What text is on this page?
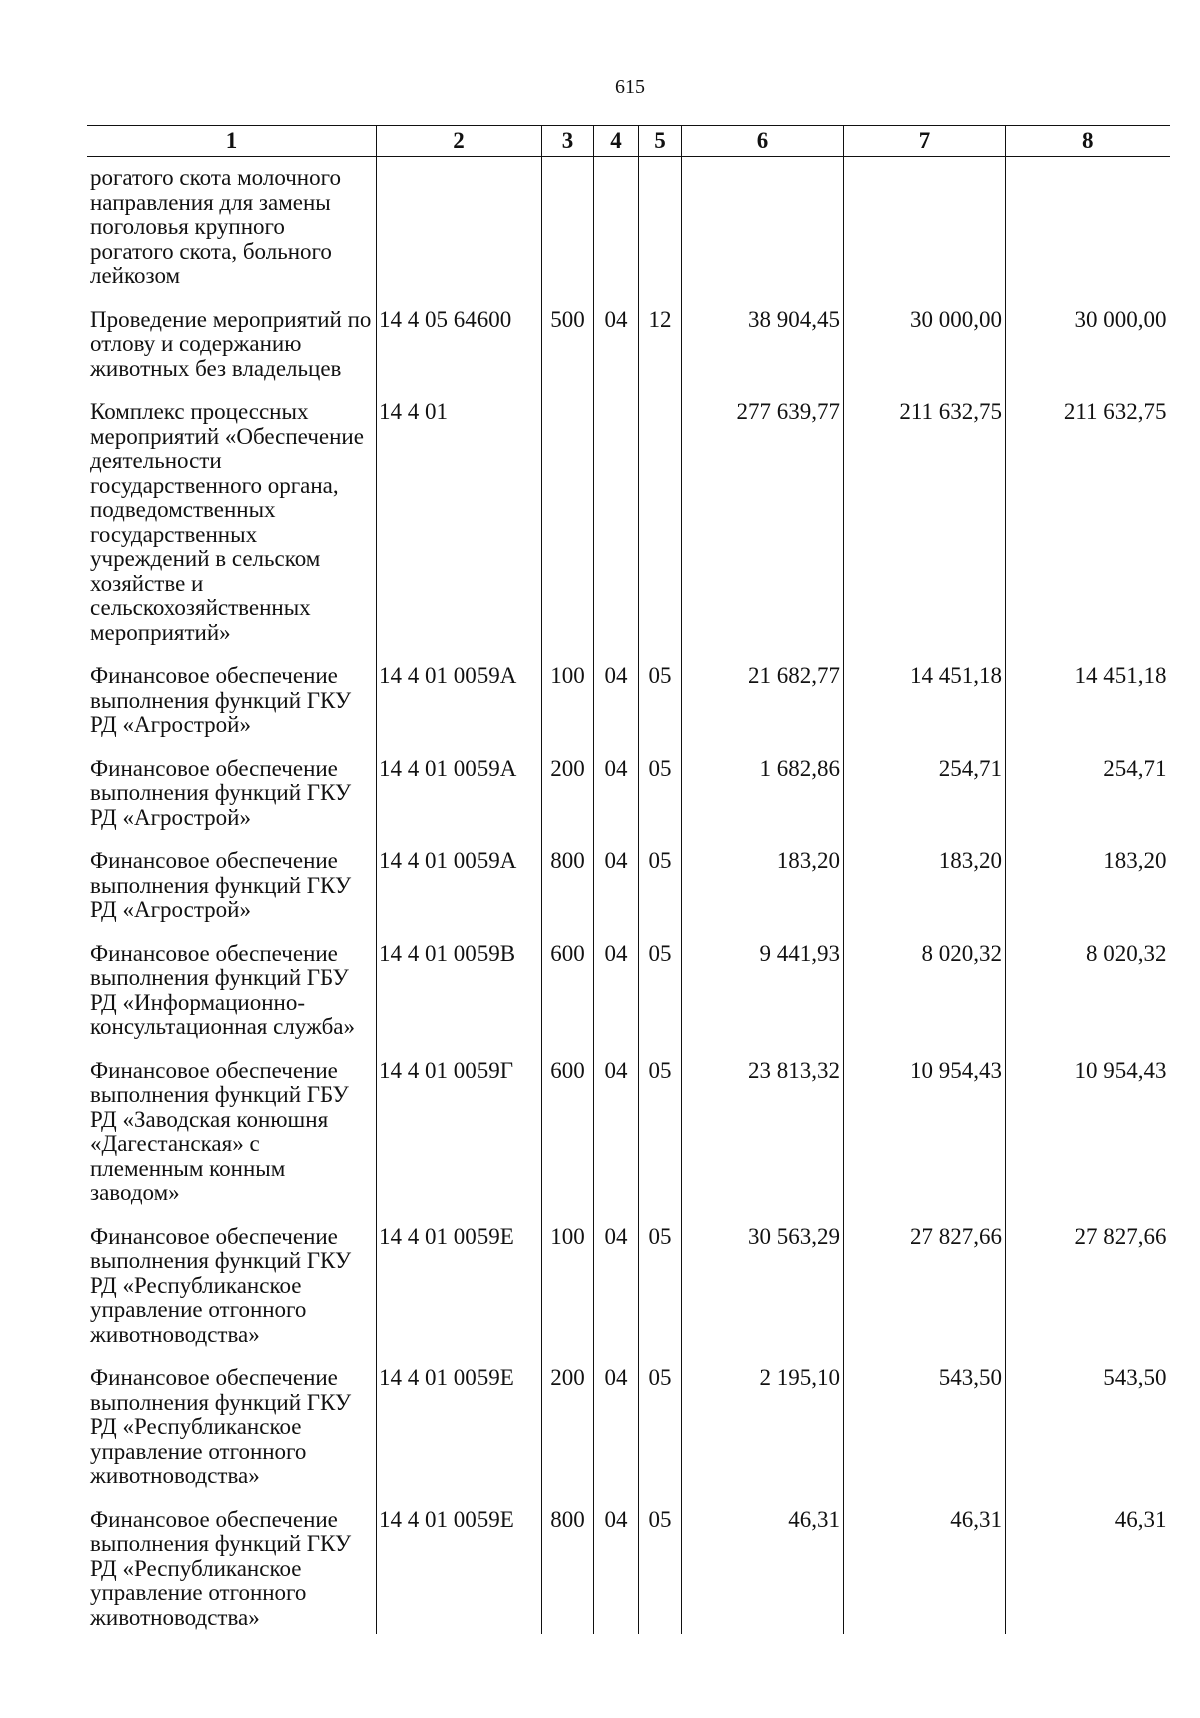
615
1	2	3	4	5	6	7	8
рогатого скота молочного направления для замены поголовья крупного рогатого скота, больного лейкозом							
Проведение мероприятий по отлову и содержанию животных без владельцев	14 4 05 64600	500	04	12	38 904,45	30 000,00	30 000,00
Комплекс процессных мероприятий «Обеспечение деятельности государственного органа, подведомственных государственных учреждений в сельском хозяйстве и сельскохозяйственных мероприятий»	14 4 01				277 639,77	211 632,75	211 632,75
Финансовое обеспечение выполнения функций ГКУ РД «Агрострой»	14 4 01 0059А	100	04	05	21 682,77	14 451,18	14 451,18
Финансовое обеспечение выполнения функций ГКУ РД «Агрострой»	14 4 01 0059А	200	04	05	1 682,86	254,71	254,71
Финансовое обеспечение выполнения функций ГКУ РД «Агрострой»	14 4 01 0059А	800	04	05	183,20	183,20	183,20
Финансовое обеспечение выполнения функций ГБУ РД «Информационно-консультационная служба»	14 4 01 0059В	600	04	05	9 441,93	8 020,32	8 020,32
Финансовое обеспечение выполнения функций ГБУ РД «Заводская конюшня «Дагестанская» с племенным конным заводом»	14 4 01 0059Г	600	04	05	23 813,32	10 954,43	10 954,43
Финансовое обеспечение выполнения функций ГКУ РД «Республиканское управление отгонного животноводства»	14 4 01 0059Е	100	04	05	30 563,29	27 827,66	27 827,66
Финансовое обеспечение выполнения функций ГКУ РД «Республиканское управление отгонного животноводства»	14 4 01 0059Е	200	04	05	2 195,10	543,50	543,50
Финансовое обеспечение выполнения функций ГКУ РД «Республиканское управление отгонного животноводства»	14 4 01 0059Е	800	04	05	46,31	46,31	46,31
